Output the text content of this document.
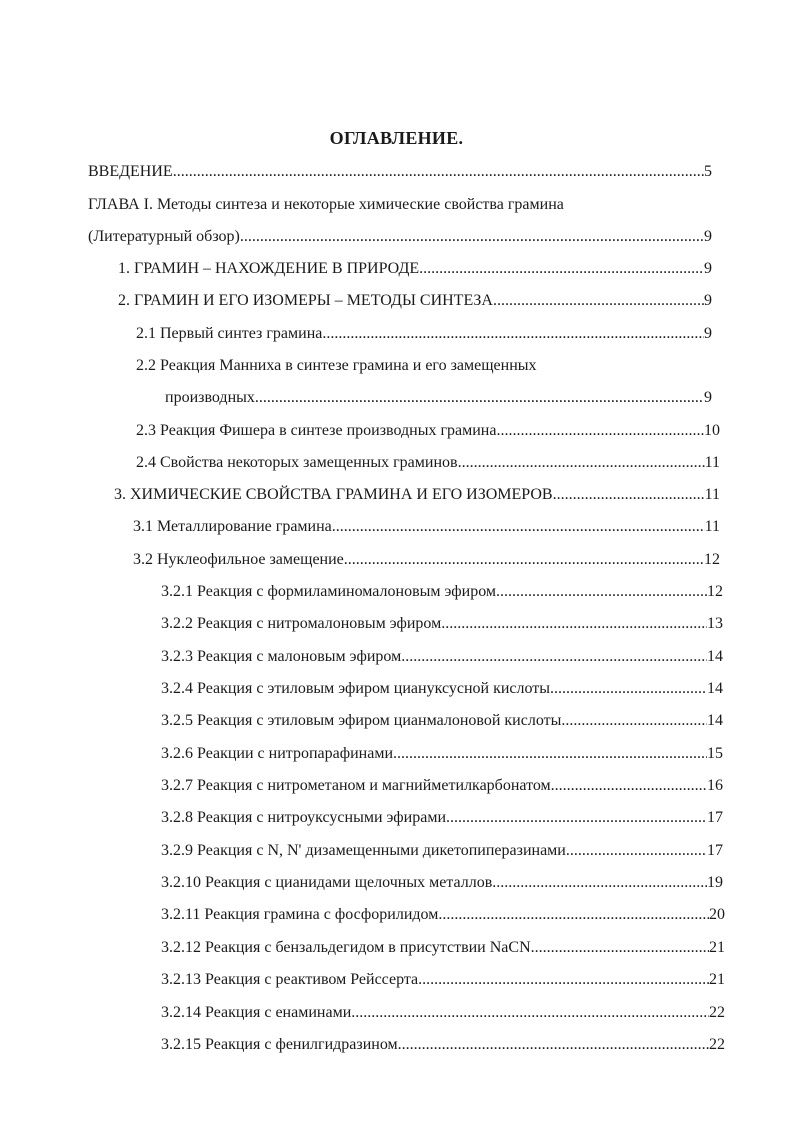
ОГЛАВЛЕНИЕ.
ВВЕДЕНИЕ .....	5
ГЛАВА I. Методы синтеза и некоторые химические свойства грамина
(Литературный обзор) .....	9
1. ГРАМИН – НАХОЖДЕНИЕ В ПРИРОДЕ .....	9
2. ГРАМИН И ЕГО ИЗОМЕРЫ – МЕТОДЫ СИНТЕЗА .....	9
2.1 Первый синтез грамина .....	9
2.2 Реакция Манниха в синтезе грамина и его замещенных
производных .....	9
2.3 Реакция Фишера в синтезе производных грамина .....	10
2.4 Свойства некоторых замещенных граминов .....	11
3. ХИМИЧЕСКИЕ СВОЙСТВА ГРАМИНА И ЕГО ИЗОМЕРОВ .....	11
3.1 Металлирование грамина .....	11
3.2 Нуклеофильное замещение .....	12
3.2.1 Реакция с формиламиномалоновым эфиром .....	12
3.2.2 Реакция с нитромалоновым эфиром .....	13
3.2.3 Реакция с малоновым эфиром .....	14
3.2.4 Реакция с этиловым эфиром циануксусной кислоты .....	14
3.2.5 Реакция с этиловым эфиром цианмалоновой кислоты .....	14
3.2.6 Реакции с нитропарафинами .....	15
3.2.7 Реакция с нитрометаном и магнийметилкарбонатом .....	16
3.2.8 Реакция с нитроуксусными эфирами .....	17
3.2.9 Реакция с N, N' дизамещенными дикетопиперазинами .....	17
3.2.10 Реакция с цианидами щелочных металлов .....	19
3.2.11 Реакция грамина с фосфорилидом .....	20
3.2.12 Реакция с бензальдегидом в присутствии NaCN .....	21
3.2.13 Реакция с реактивом Рейссерта .....	21
3.2.14 Реакция с енаминами .....	22
3.2.15 Реакция с фенилгидразином .....	22
